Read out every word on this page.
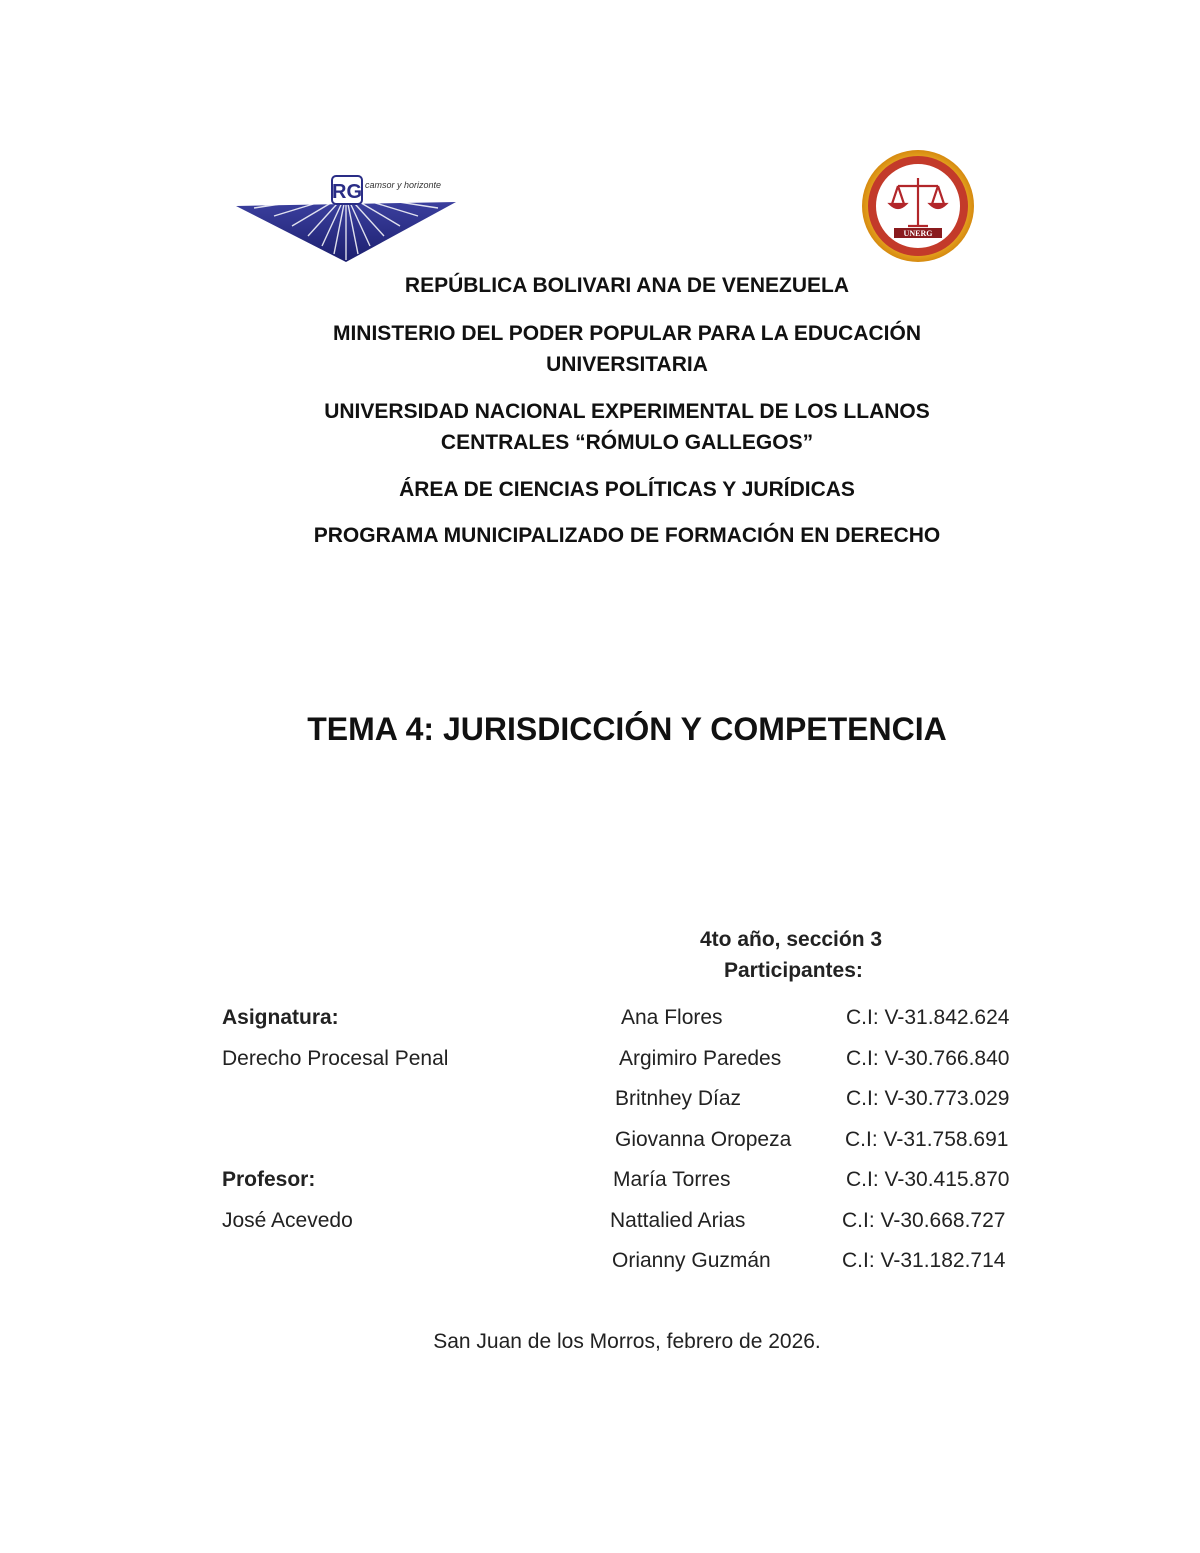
RG camsor y horizonte
UNERG
REPÚBLICA BOLIVARI ANA DE VENEZUELA
MINISTERIO DEL PODER POPULAR PARA LA EDUCACIÓN
UNIVERSITARIA
UNIVERSIDAD NACIONAL EXPERIMENTAL DE LOS LLANOS
CENTRALES “RÓMULO GALLEGOS”
ÁREA DE CIENCIAS POLÍTICAS Y JURÍDICAS
PROGRAMA MUNICIPALIZADO DE FORMACIÓN EN DERECHO
TEMA 4: JURISDICCIÓN Y COMPETENCIA
4to año, sección 3
Participantes:
Asignatura:
Derecho Procesal Penal
Profesor:
José Acevedo
Ana Flores	C.I: V-31.842.624
Argimiro Paredes	C.I: V-30.766.840
Britnhey Díaz	C.I: V-30.773.029
Giovanna Oropeza	C.I: V-31.758.691
María Torres	C.I: V-30.415.870
Nattalied Arias	C.I: V-30.668.727
Orianny Guzmán	C.I: V-31.182.714
San Juan de los Morros, febrero de 2026.
